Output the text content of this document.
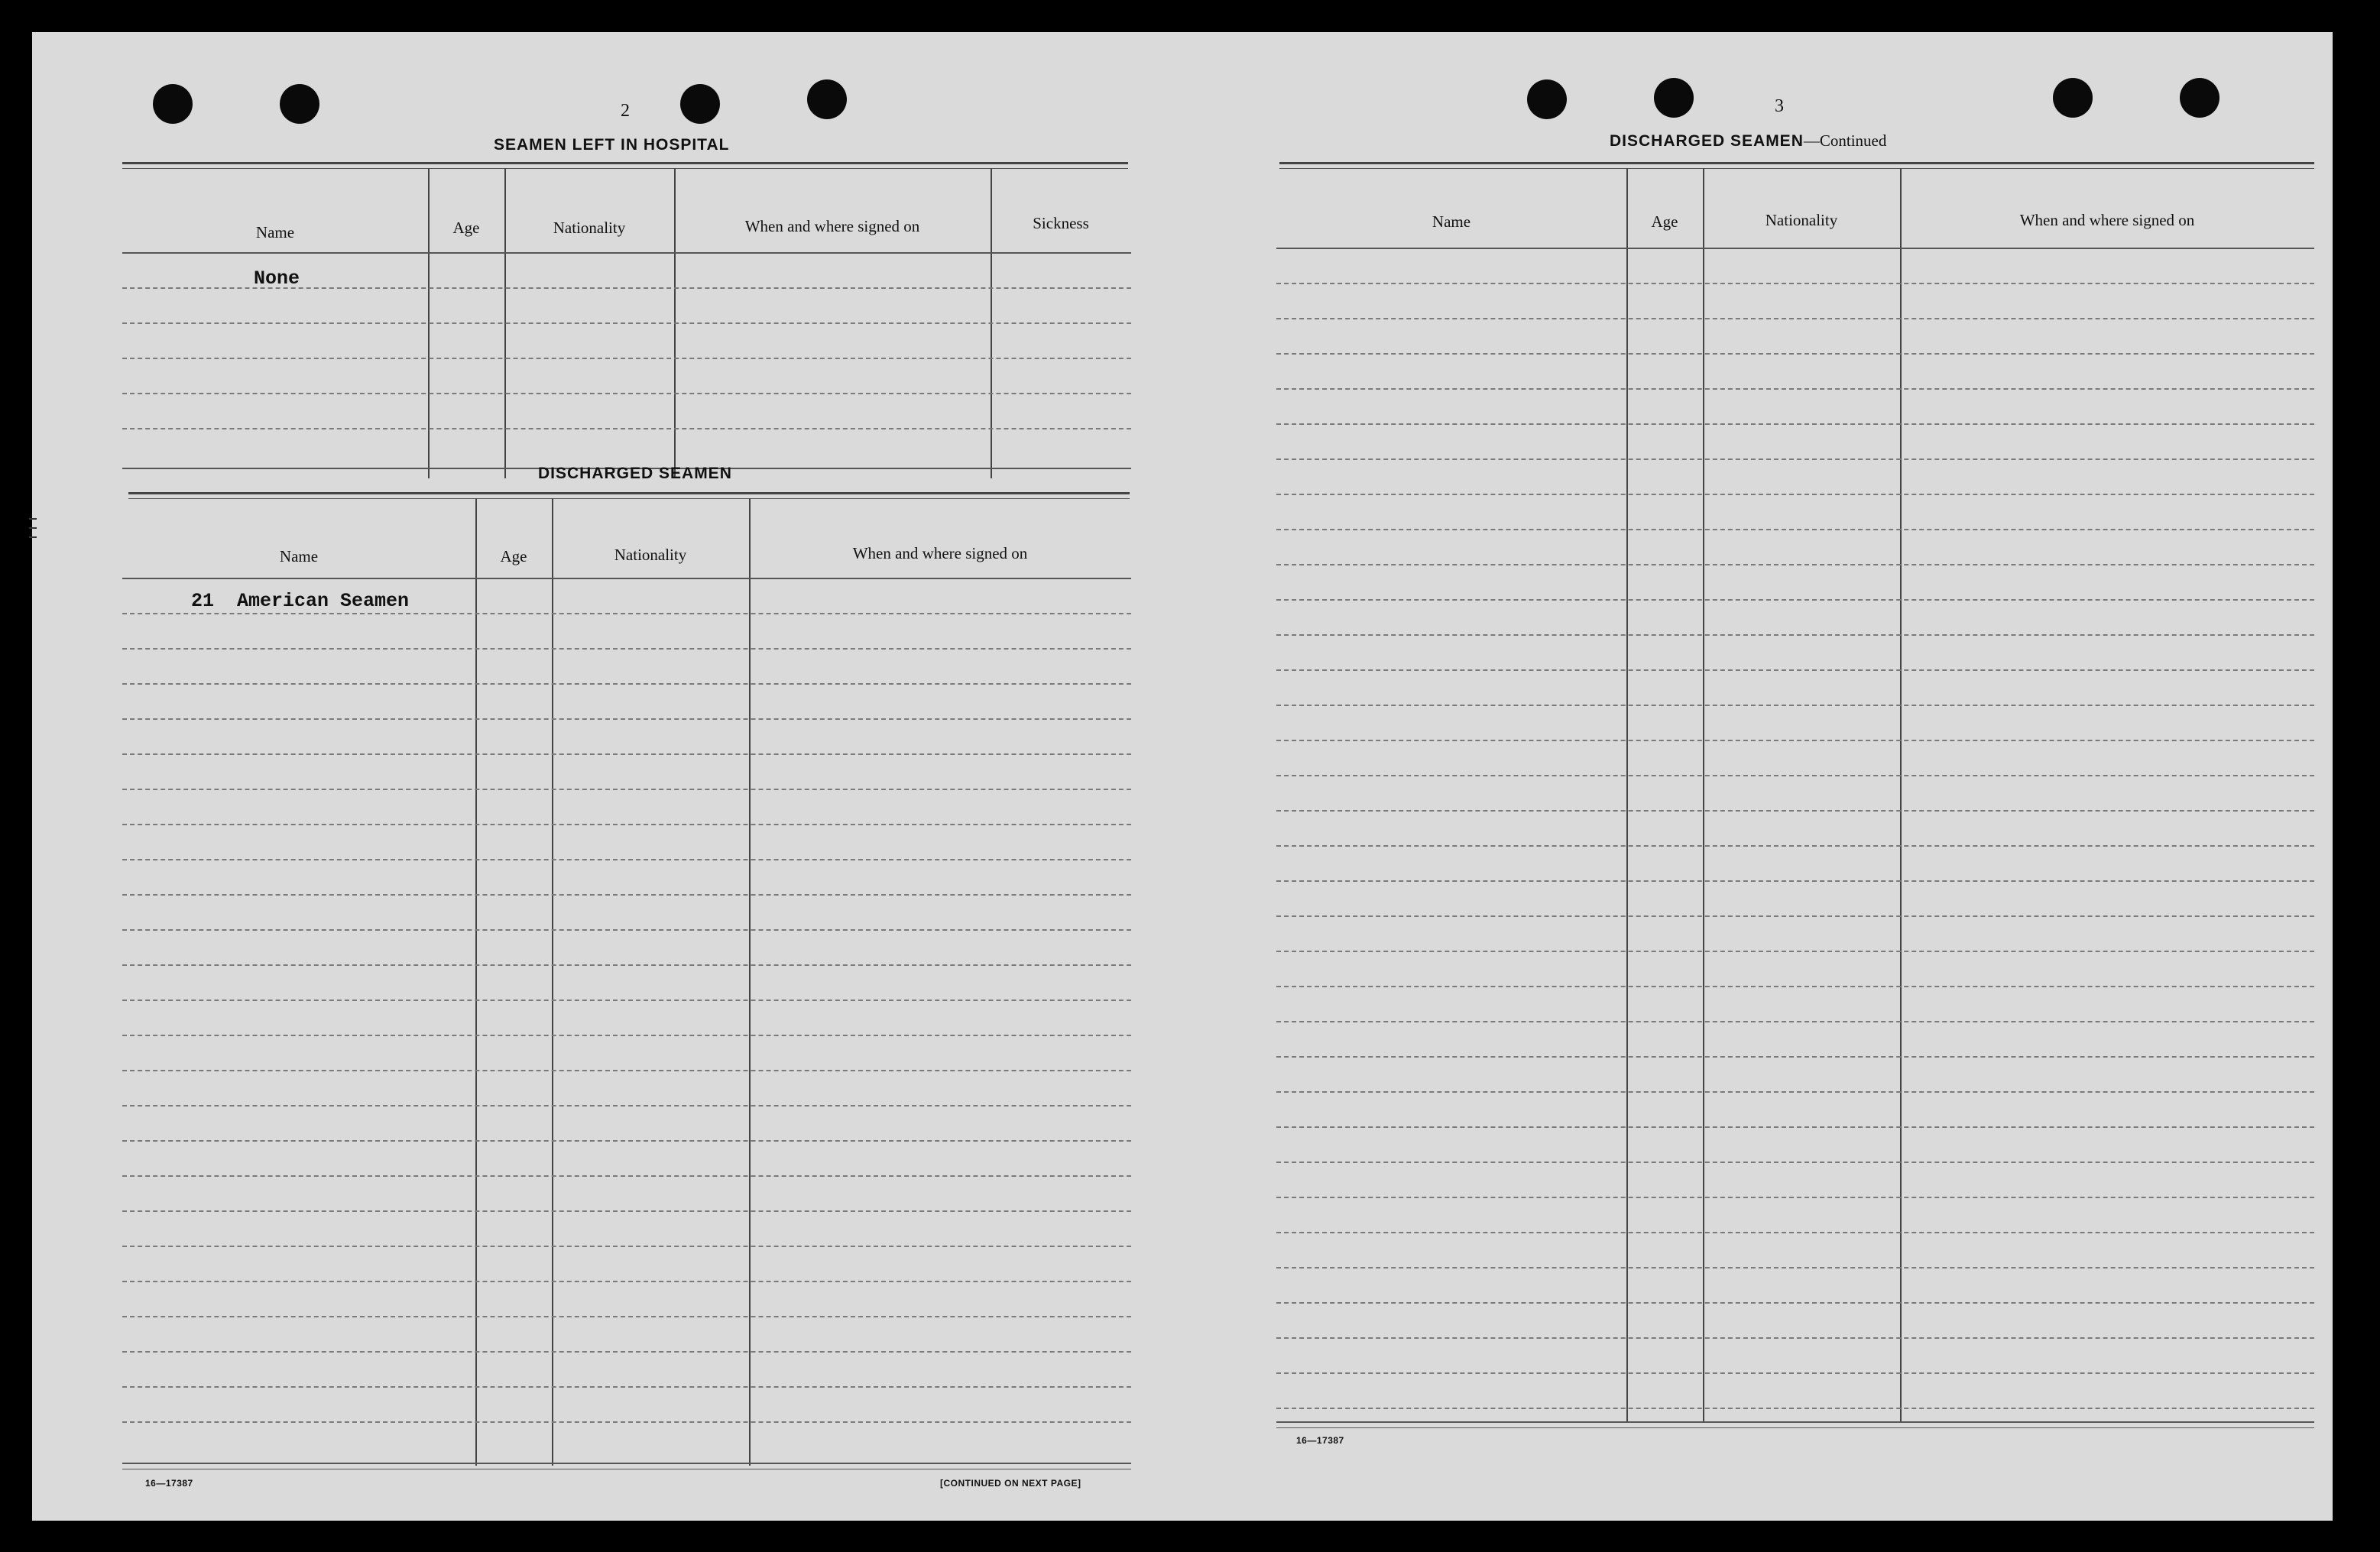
2
SEAMEN LEFT IN HOSPITAL
Name	Age	Nationality	When and where signed on	Sickness
None
DISCHARGED SEAMEN
Name	Age	Nationality	When and where signed on
21  American Seamen
16—17387	[CONTINUED ON NEXT PAGE]
3
DISCHARGED SEAMEN—Continued
Name	Age	Nationality	When and where signed on
16—17387
